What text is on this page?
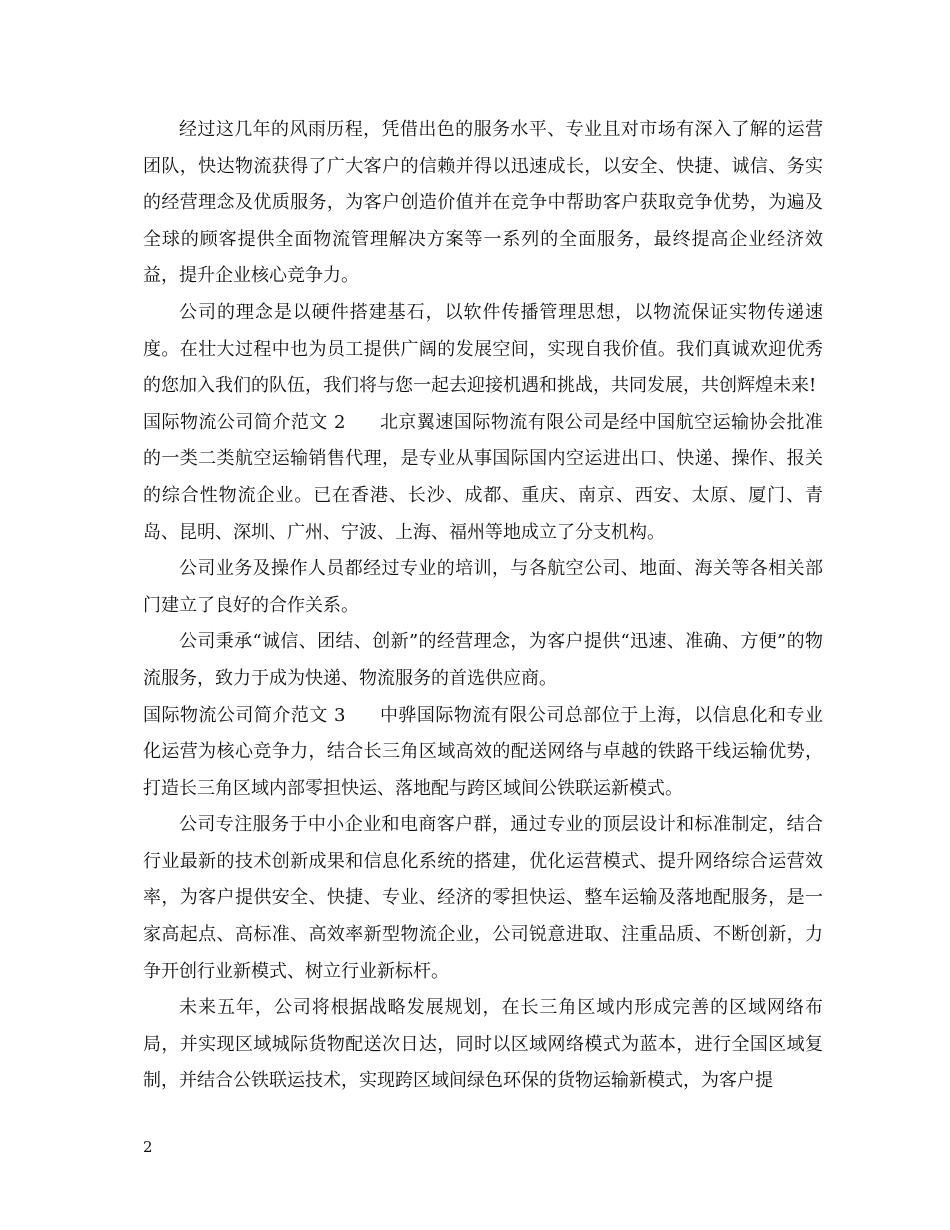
经过这几年的风雨历程，凭借出色的服务水平、专业且对市场有深入了解的运营团队，快达物流获得了广大客户的信赖并得以迅速成长，以安全、快捷、诚信、务实的经营理念及优质服务，为客户创造价值并在竞争中帮助客户获取竞争优势，为遍及全球的顾客提供全面物流管理解决方案等一系列的全面服务，最终提高企业经济效益，提升企业核心竞争力。

公司的理念是以硬件搭建基石，以软件传播管理思想，以物流保证实物传递速度。在壮大过程中也为员工提供广阔的发展空间，实现自我价值。我们真诚欢迎优秀的您加入我们的队伍，我们将与您一起去迎接机遇和挑战，共同发展，共创辉煌未来!

国际物流公司简介范文 2 北京翼速国际物流有限公司是经中国航空运输协会批准的一类二类航空运输销售代理，是专业从事国际国内空运进出口、快递、操作、报关的综合性物流企业。已在香港、长沙、成都、重庆、南京、西安、太原、厦门、青岛、昆明、深圳、广州、宁波、上海、福州等地成立了分支机构。

公司业务及操作人员都经过专业的培训，与各航空公司、地面、海关等各相关部门建立了良好的合作关系。

公司秉承“诚信、团结、创新”的经营理念，为客户提供“迅速、准确、方便”的物流服务，致力于成为快递、物流服务的首选供应商。

国际物流公司简介范文 3 中骅国际物流有限公司总部位于上海，以信息化和专业化运营为核心竞争力，结合长三角区域高效的配送网络与卓越的铁路干线运输优势，打造长三角区域内部零担快运、落地配与跨区域间公铁联运新模式。

公司专注服务于中小企业和电商客户群，通过专业的顶层设计和标准制定，结合行业最新的技术创新成果和信息化系统的搭建，优化运营模式、提升网络综合运营效率，为客户提供安全、快捷、专业、经济的零担快运、整车运输及落地配服务，是一家高起点、高标准、高效率新型物流企业，公司锐意进取、注重品质、不断创新，力争开创行业新模式、树立行业新标杆。

未来五年，公司将根据战略发展规划，在长三角区域内形成完善的区域网络布局，并实现区域城际货物配送次日达，同时以区域网络模式为蓝本，进行全国区域复制，并结合公铁联运技术，实现跨区域间绿色环保的货物运输新模式，为客户提

2
